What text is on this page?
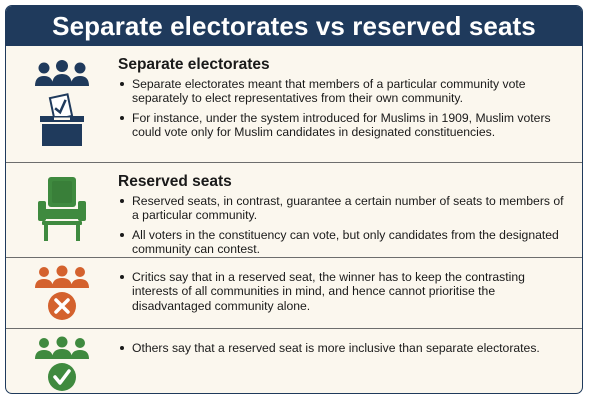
Separate electorates vs reserved seats
Separate electorates
Separate electorates meant that members of a particular community vote separately to elect representatives from their own community.
For instance, under the system introduced for Muslims in 1909, Muslim voters could vote only for Muslim candidates in designated constituencies.
Reserved seats
Reserved seats, in contrast, guarantee a certain number of seats to members of a particular community.
All voters in the constituency can vote, but only candidates from the designated community can contest.
Critics say that in a reserved seat, the winner has to keep the contrasting interests of all communities in mind, and hence cannot prioritise the disadvantaged community alone.
Others say that a reserved seat is more inclusive than separate electorates.
